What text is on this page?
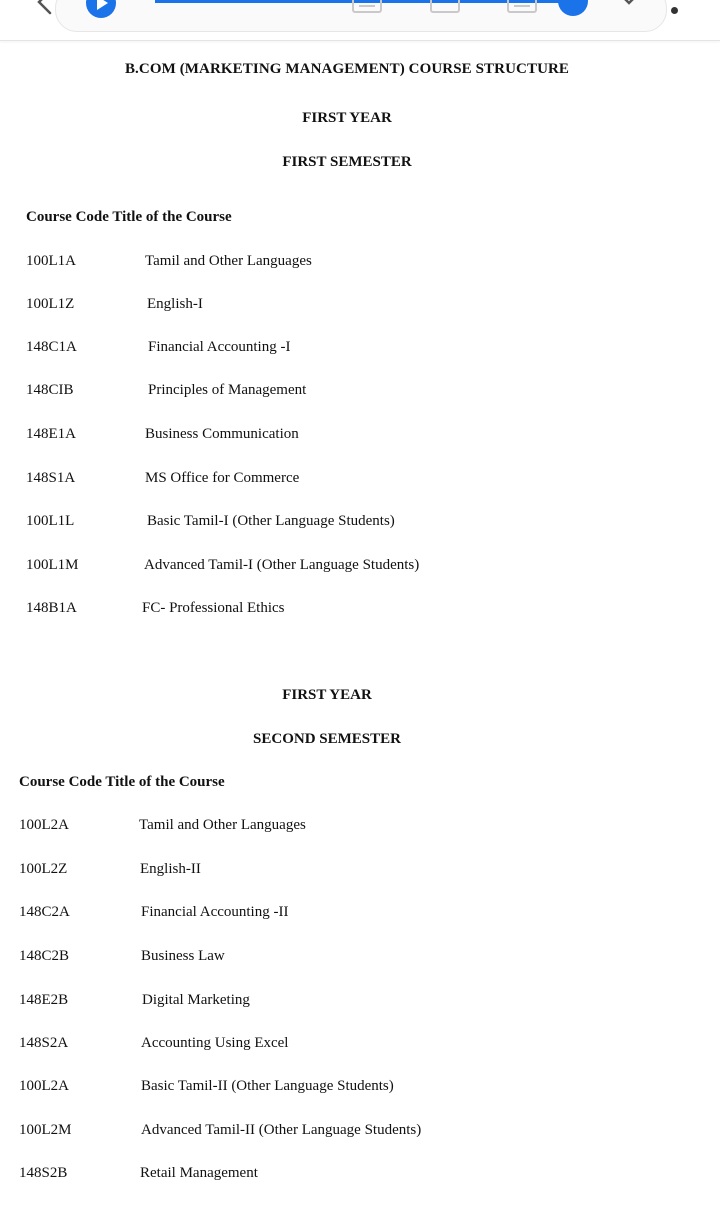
B.COM (MARKETING MANAGEMENT) COURSE STRUCTURE
FIRST YEAR
FIRST SEMESTER
Course Code Title of the Course
100L1A	Tamil and Other Languages
100L1Z	English-I
148C1A	Financial Accounting -I
148CIB	Principles of Management
148E1A	Business Communication
148S1A	MS Office for Commerce
100L1L	Basic Tamil-I (Other Language Students)
100L1M	Advanced Tamil-I (Other Language Students)
148B1A	FC- Professional Ethics
FIRST YEAR
SECOND SEMESTER
Course Code Title of the Course
100L2A	Tamil and Other Languages
100L2Z	English-II
148C2A	Financial Accounting -II
148C2B	Business Law
148E2B	Digital Marketing
148S2A	Accounting Using Excel
100L2A	Basic Tamil-II (Other Language Students)
100L2M	Advanced Tamil-II (Other Language Students)
148S2B	Retail Management
